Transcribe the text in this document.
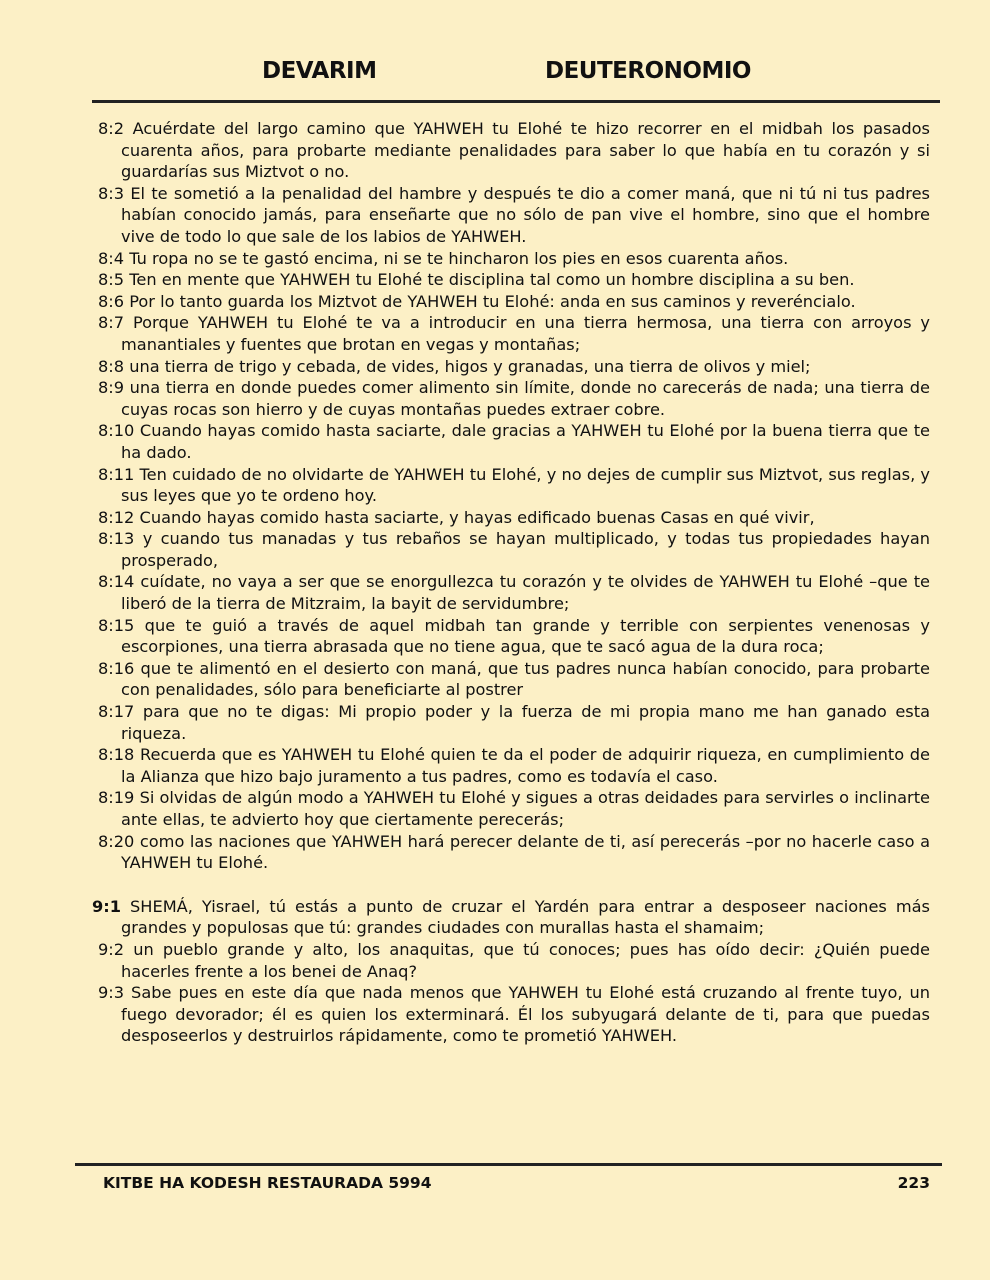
DEVARIM	DEUTERONOMIO
8:2 Acuérdate del largo camino que YAHWEH tu Elohé te hizo recorrer en el midbah los pasados cuarenta años, para probarte mediante penalidades para saber lo que había en tu corazón y si guardarías sus Miztvot o no.
8:3 El te sometió a la penalidad del hambre y después te dio a comer maná, que ni tú ni tus padres habían conocido jamás, para enseñarte que no sólo de pan vive el hombre, sino que el hombre vive de todo lo que sale de los labios de YAHWEH.
8:4 Tu ropa no se te gastó encima, ni se te hincharon los pies en esos cuarenta años.
8:5 Ten en mente que YAHWEH tu Elohé te disciplina tal como un hombre disciplina a su ben.
8:6 Por lo tanto guarda los Miztvot de YAHWEH tu Elohé: anda en sus caminos y reveréncialo.
8:7 Porque YAHWEH tu Elohé te va a introducir en una tierra hermosa, una tierra con arroyos y manantiales y fuentes que brotan en vegas y montañas;
8:8 una tierra de trigo y cebada, de vides, higos y granadas, una tierra de olivos y miel;
8:9 una tierra en donde puedes comer alimento sin límite, donde no carecerás de nada; una tierra de cuyas rocas son hierro y de cuyas montañas puedes extraer cobre.
8:10 Cuando hayas comido hasta saciarte, dale gracias a YAHWEH tu Elohé por la buena tierra que te ha dado.
8:11 Ten cuidado de no olvidarte de YAHWEH tu Elohé, y no dejes de cumplir sus Miztvot, sus reglas, y sus leyes que yo te ordeno hoy.
8:12 Cuando hayas comido hasta saciarte, y hayas edificado buenas Casas en qué vivir,
8:13 y cuando tus manadas y tus rebaños se hayan multiplicado, y todas tus propiedades hayan prosperado,
8:14 cuídate, no vaya a ser que se enorgullezca tu corazón y te olvides de YAHWEH tu Elohé –que te liberó de la tierra de Mitzraim, la bayit de servidumbre;
8:15 que te guió a través de aquel midbah tan grande y terrible con serpientes venenosas y escorpiones, una tierra abrasada que no tiene agua, que te sacó agua de la dura roca;
8:16 que te alimentó en el desierto con maná, que tus padres nunca habían conocido, para probarte con penalidades, sólo para beneficiarte al postrer
8:17 para que no te digas: Mi propio poder y la fuerza de mi propia mano me han ganado esta riqueza.
8:18 Recuerda que es YAHWEH tu Elohé quien te da el poder de adquirir riqueza, en cumplimiento de la Alianza que hizo bajo juramento a tus padres, como es todavía el caso.
8:19 Si olvidas de algún modo a YAHWEH tu Elohé y sigues a otras deidades para servirles o inclinarte ante ellas, te advierto hoy que ciertamente perecerás;
8:20 como las naciones que YAHWEH hará perecer delante de ti, así perecerás –por no hacerle caso a YAHWEH tu Elohé.
9:1 SHEMÁ, Yisrael, tú estás a punto de cruzar el Yardén para entrar a desposeer naciones más grandes y populosas que tú: grandes ciudades con murallas hasta el shamaim;
9:2 un pueblo grande y alto, los anaquitas, que tú conoces; pues has oído decir: ¿Quién puede hacerles frente a los benei de Anaq?
9:3 Sabe pues en este día que nada menos que YAHWEH tu Elohé está cruzando al frente tuyo, un fuego devorador; él es quien los exterminará. Él los subyugará delante de ti, para que puedas desposeerlos y destruirlos rápidamente, como te prometió YAHWEH.
KITBE HA KODESH RESTAURADA 5994	223
